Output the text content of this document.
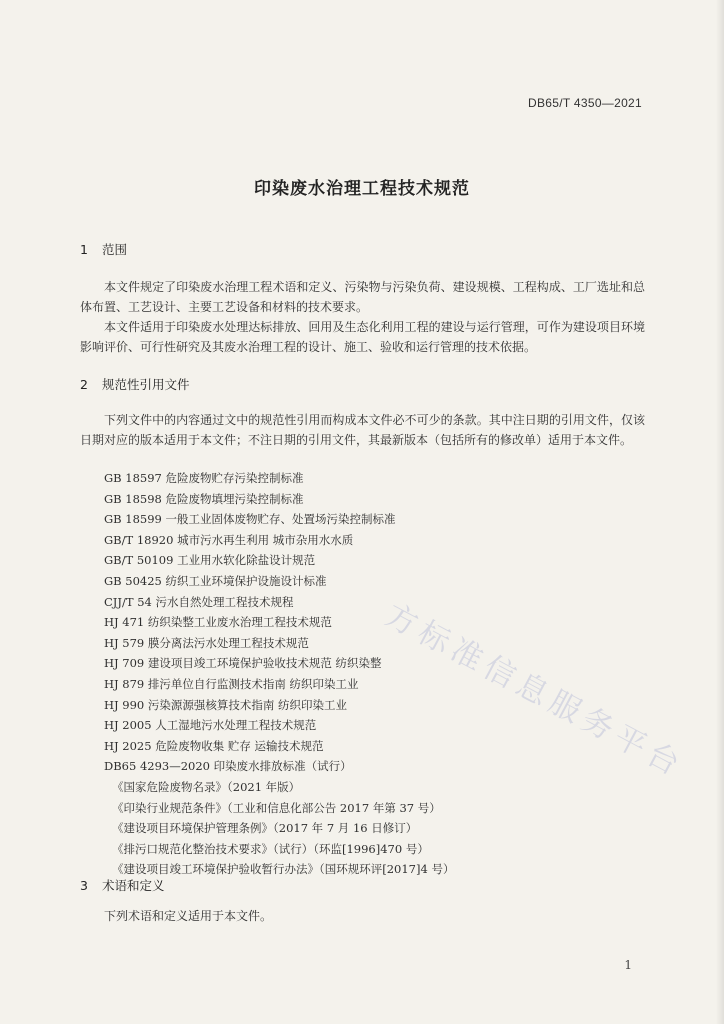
DB65/T 4350—2021
印染废水治理工程技术规范
1 范围
本文件规定了印染废水治理工程术语和定义、污染物与污染负荷、建设规模、工程构成、工厂选址和总体布置、工艺设计、主要工艺设备和材料的技术要求。
本文件适用于印染废水处理达标排放、回用及生态化利用工程的建设与运行管理，可作为建设项目环境影响评价、可行性研究及其废水治理工程的设计、施工、验收和运行管理的技术依据。
2 规范性引用文件
下列文件中的内容通过文中的规范性引用而构成本文件必不可少的条款。其中注日期的引用文件，仅该日期对应的版本适用于本文件；不注日期的引用文件，其最新版本（包括所有的修改单）适用于本文件。
GB 18597 危险废物贮存污染控制标准
GB 18598 危险废物填埋污染控制标准
GB 18599 一般工业固体废物贮存、处置场污染控制标准
GB/T 18920 城市污水再生利用 城市杂用水水质
GB/T 50109 工业用水软化除盐设计规范
GB 50425 纺织工业环境保护设施设计标准
CJJ/T 54 污水自然处理工程技术规程
HJ 471 纺织染整工业废水治理工程技术规范
HJ 579 膜分离法污水处理工程技术规范
HJ 709 建设项目竣工环境保护验收技术规范 纺织染整
HJ 879 排污单位自行监测技术指南 纺织印染工业
HJ 990 污染源源强核算技术指南 纺织印染工业
HJ 2005 人工湿地污水处理工程技术规范
HJ 2025 危险废物收集 贮存 运输技术规范
DB65 4293—2020 印染废水排放标准（试行）
《国家危险废物名录》（2021 年版）
《印染行业规范条件》（工业和信息化部公告 2017 年第 37 号）
《建设项目环境保护管理条例》（2017 年 7 月 16 日修订）
《排污口规范化整治技术要求》（试行）（环监[1996]470 号）
《建设项目竣工环境保护验收暂行办法》（国环规环评[2017]4 号）
3 术语和定义
下列术语和定义适用于本文件。
方标准信息服务平台
1
